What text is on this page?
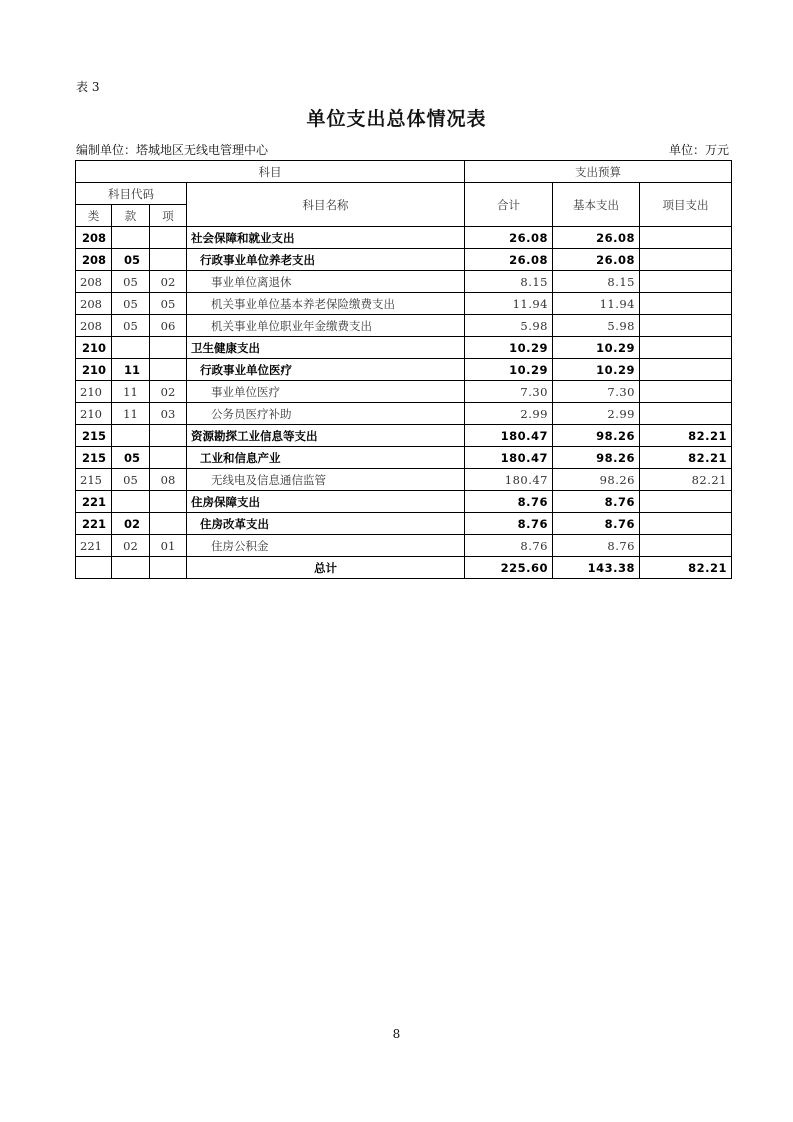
表 3
单位支出总体情况表
编制单位：塔城地区无线电管理中心	单位：万元
科目				支出预算		
科目代码			科目名称	合计	基本支出	项目支出
类	款	项				
208			社会保障和就业支出	26.08	26.08	
208	05		行政事业单位养老支出	26.08	26.08	
208	05	02	事业单位离退休	8.15	8.15	
208	05	05	机关事业单位基本养老保险缴费支出	11.94	11.94	
208	05	06	机关事业单位职业年金缴费支出	5.98	5.98	
210			卫生健康支出	10.29	10.29	
210	11		行政事业单位医疗	10.29	10.29	
210	11	02	事业单位医疗	7.30	7.30	
210	11	03	公务员医疗补助	2.99	2.99	
215			资源勘探工业信息等支出	180.47	98.26	82.21
215	05		工业和信息产业	180.47	98.26	82.21
215	05	08	无线电及信息通信监管	180.47	98.26	82.21
221			住房保障支出	8.76	8.76	
221	02		住房改革支出	8.76	8.76	
221	02	01	住房公积金	8.76	8.76	
			总计	225.60	143.38	82.21
8
